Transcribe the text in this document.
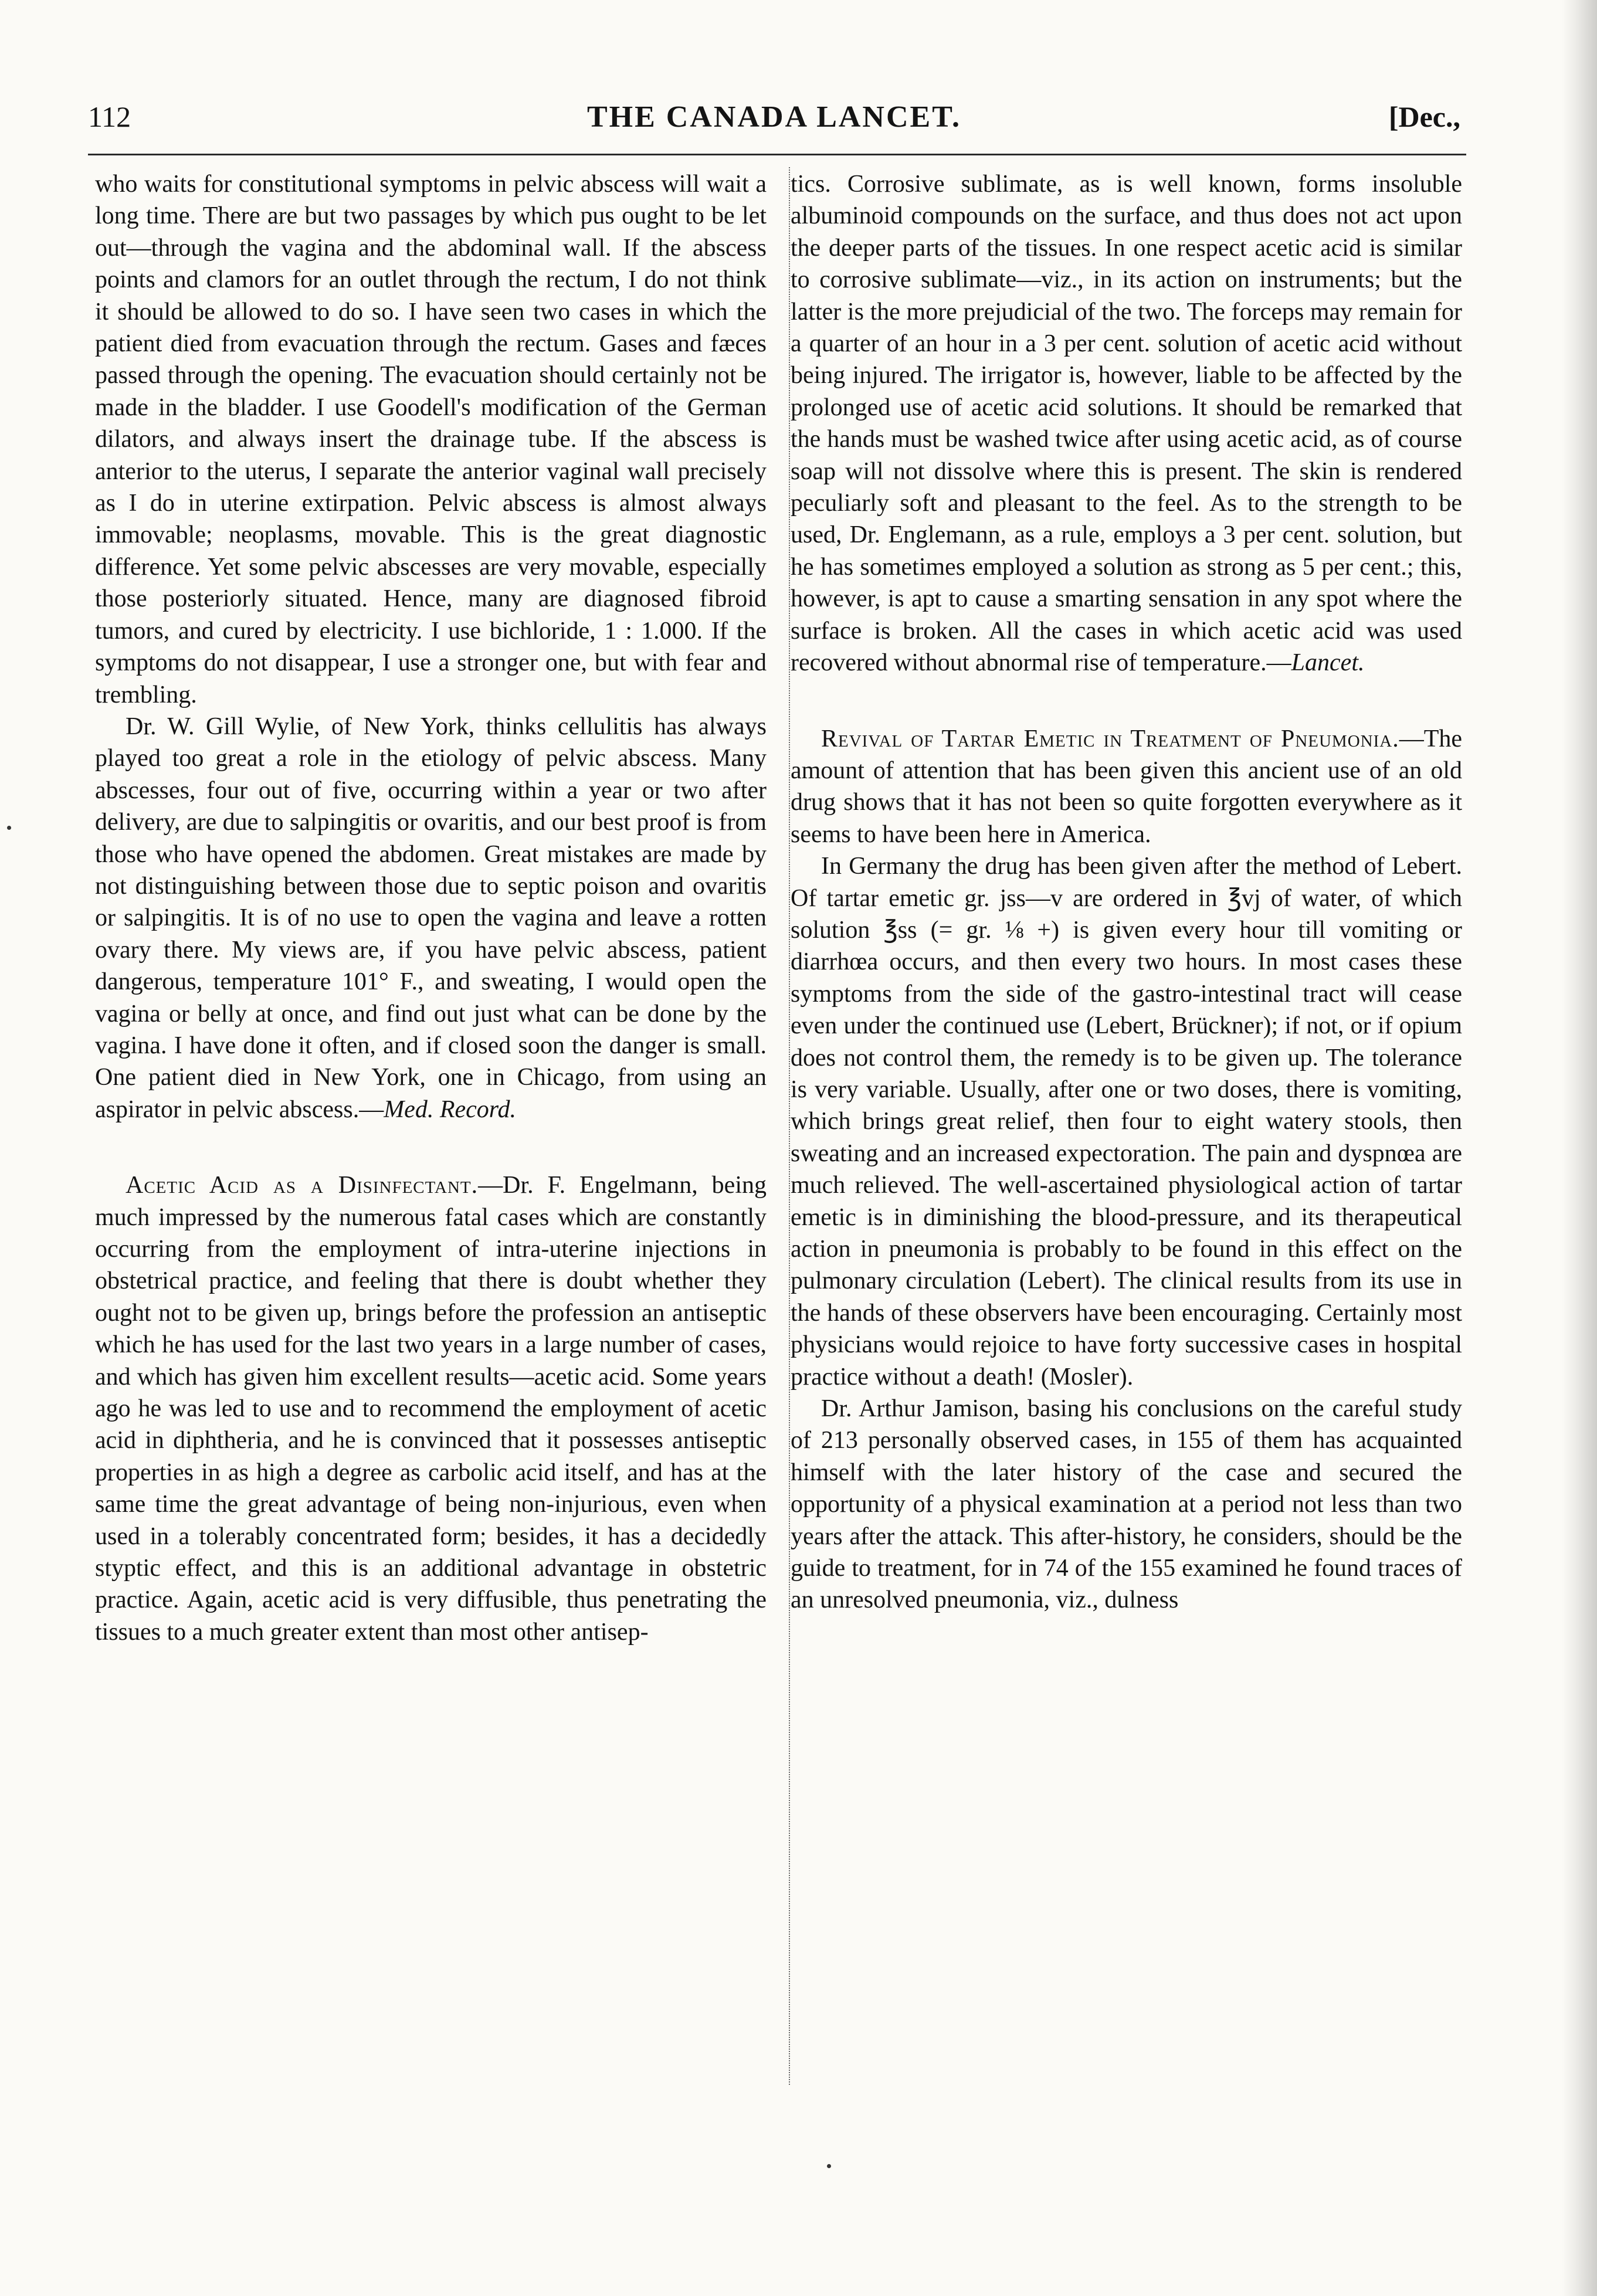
112	THE CANADA LANCET.	[Dec.,

who waits for constitutional symptoms in pelvic abscess will wait a long time. There are but two passages by which pus ought to be let out—through the vagina and the abdominal wall. If the abscess points and clamors for an outlet through the rectum, I do not think it should be allowed to do so. I have seen two cases in which the patient died from evacuation through the rectum. Gases and fæces passed through the opening. The evacuation should certainly not be made in the bladder. I use Goodell's modification of the German dilators, and always insert the drainage tube. If the abscess is anterior to the uterus, I separate the anterior vaginal wall precisely as I do in uterine extirpation. Pelvic abscess is almost always immovable; neoplasms, movable. This is the great diagnostic difference. Yet some pelvic abscesses are very movable, especially those posteriorly situated. Hence, many are diagnosed fibroid tumors, and cured by electricity. I use bichloride, 1 : 1.000. If the symptoms do not disappear, I use a stronger one, but with fear and trembling.

Dr. W. Gill Wylie, of New York, thinks cellulitis has always played too great a role in the etiology of pelvic abscess. Many abscesses, four out of five, occurring within a year or two after delivery, are due to salpingitis or ovaritis, and our best proof is from those who have opened the abdomen. Great mistakes are made by not distinguishing between those due to septic poison and ovaritis or salpingitis. It is of no use to open the vagina and leave a rotten ovary there. My views are, if you have pelvic abscess, patient dangerous, temperature 101° F., and sweating, I would open the vagina or belly at once, and find out just what can be done by the vagina. I have done it often, and if closed soon the danger is small. One patient died in New York, one in Chicago, from using an aspirator in pelvic abscess.—Med. Record.

Acetic Acid as a Disinfectant.—Dr. F. Engelmann, being much impressed by the numerous fatal cases which are constantly occurring from the employment of intra-uterine injections in obstetrical practice, and feeling that there is doubt whether they ought not to be given up, brings before the profession an antiseptic which he has used for the last two years in a large number of cases, and which has given him excellent results—acetic acid. Some years ago he was led to use and to recommend the employment of acetic acid in diphtheria, and he is convinced that it possesses antiseptic properties in as high a degree as carbolic acid itself, and has at the same time the great advantage of being non-injurious, even when used in a tolerably concentrated form; besides, it has a decidedly styptic effect, and this is an additional advantage in obstetric practice. Again, acetic acid is very diffusible, thus penetrating the tissues to a much greater extent than most other antisep-

tics. Corrosive sublimate, as is well known, forms insoluble albuminoid compounds on the surface, and thus does not act upon the deeper parts of the tissues. In one respect acetic acid is similar to corrosive sublimate—viz., in its action on instruments; but the latter is the more prejudicial of the two. The forceps may remain for a quarter of an hour in a 3 per cent. solution of acetic acid without being injured. The irrigator is, however, liable to be affected by the prolonged use of acetic acid solutions. It should be remarked that the hands must be washed twice after using acetic acid, as of course soap will not dissolve where this is present. The skin is rendered peculiarly soft and pleasant to the feel. As to the strength to be used, Dr. Englemann, as a rule, employs a 3 per cent. solution, but he has sometimes employed a solution as strong as 5 per cent.; this, however, is apt to cause a smarting sensation in any spot where the surface is broken. All the cases in which acetic acid was used recovered without abnormal rise of temperature.—Lancet.

Revival of Tartar Emetic in Treatment of Pneumonia.—The amount of attention that has been given this ancient use of an old drug shows that it has not been so quite forgotten everywhere as it seems to have been here in America.

In Germany the drug has been given after the method of Lebert. Of tartar emetic gr. jss—v are ordered in ℥vj of water, of which solution ℥ss (= gr. ⅛ +) is given every hour till vomiting or diarrhœa occurs, and then every two hours. In most cases these symptoms from the side of the gastro-intestinal tract will cease even under the continued use (Lebert, Brückner); if not, or if opium does not control them, the remedy is to be given up. The tolerance is very variable. Usually, after one or two doses, there is vomiting, which brings great relief, then four to eight watery stools, then sweating and an increased expectoration. The pain and dyspnœa are much relieved. The well-ascertained physiological action of tartar emetic is in diminishing the blood-pressure, and its therapeutical action in pneumonia is probably to be found in this effect on the pulmonary circulation (Lebert). The clinical results from its use in the hands of these observers have been encouraging. Certainly most physicians would rejoice to have forty successive cases in hospital practice without a death! (Mosler).

Dr. Arthur Jamison, basing his conclusions on the careful study of 213 personally observed cases, in 155 of them has acquainted himself with the later history of the case and secured the opportunity of a physical examination at a period not less than two years after the attack. This after-history, he considers, should be the guide to treatment, for in 74 of the 155 examined he found traces of an unresolved pneumonia, viz., dulness
